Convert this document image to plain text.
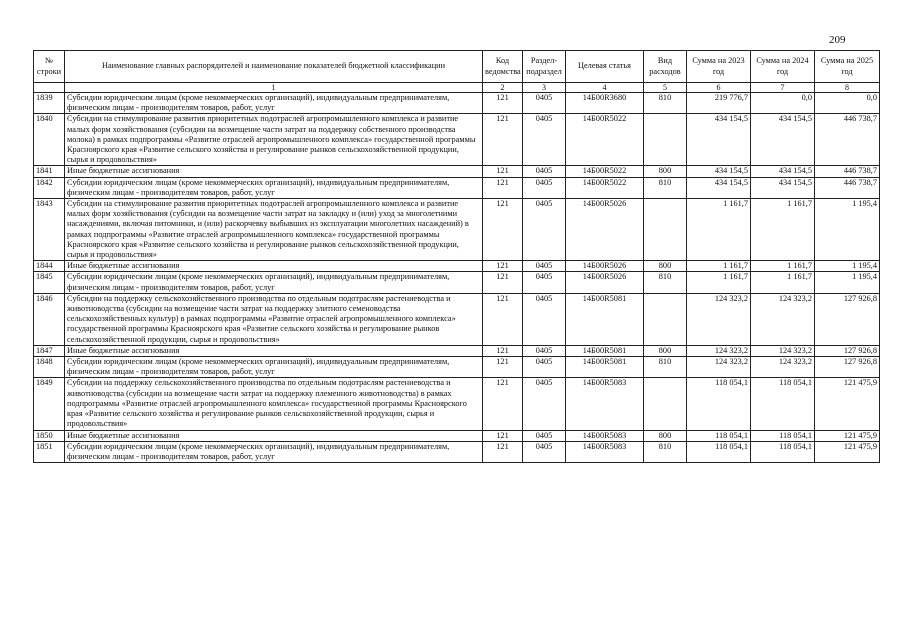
209
№ строки	Наименование главных распорядителей и наименование показателей бюджетной классификации	Код ведомства	Раздел-подраздел	Целевая статья	Вид расходов	Сумма на 2023 год	Сумма на 2024 год	Сумма на 2025 год
	1	2	3	4	5	6	7	8
1839	Субсидии юридическим лицам (кроме некоммерческих организаций), индивидуальным предпринимателям, физическим лицам - производителям товаров, работ, услуг	121	0405	14Б00R3680	810	219 776,7	0,0	0,0
1840	Субсидии на стимулирование развития приоритетных подотраслей агропромышленного комплекса и развитие малых форм хозяйствования (субсидии на возмещение части затрат на поддержку собственного производства молока) в рамках подпрограммы «Развитие отраслей агропромышленного комплекса» государственной программы Красноярского края «Развитие сельского хозяйства и регулирование рынков сельскохозяйственной продукции, сырья и продовольствия»	121	0405	14Б00R5022		434 154,5	434 154,5	446 738,7
1841	Иные бюджетные ассигнования	121	0405	14Б00R5022	800	434 154,5	434 154,5	446 738,7
1842	Субсидии юридическим лицам (кроме некоммерческих организаций), индивидуальным предпринимателям, физическим лицам - производителям товаров, работ, услуг	121	0405	14Б00R5022	810	434 154,5	434 154,5	446 738,7
1843	Субсидии на стимулирование развития приоритетных подотраслей агропромышленного комплекса и развитие малых форм хозяйствования (субсидии на возмещение части затрат на закладку и (или) уход за многолетними насаждениями, включая питомники, и (или) раскорчевку выбывших из эксплуатации многолетних насаждений) в рамках подпрограммы «Развитие отраслей агропромышленного комплекса» государственной программы Красноярского края «Развитие сельского хозяйства и регулирование рынков сельскохозяйственной продукции, сырья и продовольствия»	121	0405	14Б00R5026		1 161,7	1 161,7	1 195,4
1844	Иные бюджетные ассигнования	121	0405	14Б00R5026	800	1 161,7	1 161,7	1 195,4
1845	Субсидии юридическим лицам (кроме некоммерческих организаций), индивидуальным предпринимателям, физическим лицам - производителям товаров, работ, услуг	121	0405	14Б00R5026	810	1 161,7	1 161,7	1 195,4
1846	Субсидии на поддержку сельскохозяйственного производства по отдельным подотраслям растениеводства и животноводства (субсидии на возмещение части затрат на поддержку элитного семеноводства сельскохозяйственных культур) в рамках подпрограммы «Развитие отраслей агропромышленного комплекса» государственной программы Красноярского края «Развитие сельского хозяйства и регулирование рынков сельскохозяйственной продукции, сырья и продовольствия»	121	0405	14Б00R5081		124 323,2	124 323,2	127 926,8
1847	Иные бюджетные ассигнования	121	0405	14Б00R5081	800	124 323,2	124 323,2	127 926,8
1848	Субсидии юридическим лицам (кроме некоммерческих организаций), индивидуальным предпринимателям, физическим лицам - производителям товаров, работ, услуг	121	0405	14Б00R5081	810	124 323,2	124 323,2	127 926,8
1849	Субсидии на поддержку сельскохозяйственного производства по отдельным подотраслям растениеводства и животноводства (субсидии на возмещение части затрат на поддержку племенного животноводства) в рамках подпрограммы «Развитие отраслей агропромышленного комплекса» государственной программы Красноярского края «Развитие сельского хозяйства и регулирование рынков сельскохозяйственной продукции, сырья и продовольствия»	121	0405	14Б00R5083		118 054,1	118 054,1	121 475,9
1850	Иные бюджетные ассигнования	121	0405	14Б00R5083	800	118 054,1	118 054,1	121 475,9
1851	Субсидии юридическим лицам (кроме некоммерческих организаций), индивидуальным предпринимателям, физическим лицам - производителям товаров, работ, услуг	121	0405	14Б00R5083	810	118 054,1	118 054,1	121 475,9
